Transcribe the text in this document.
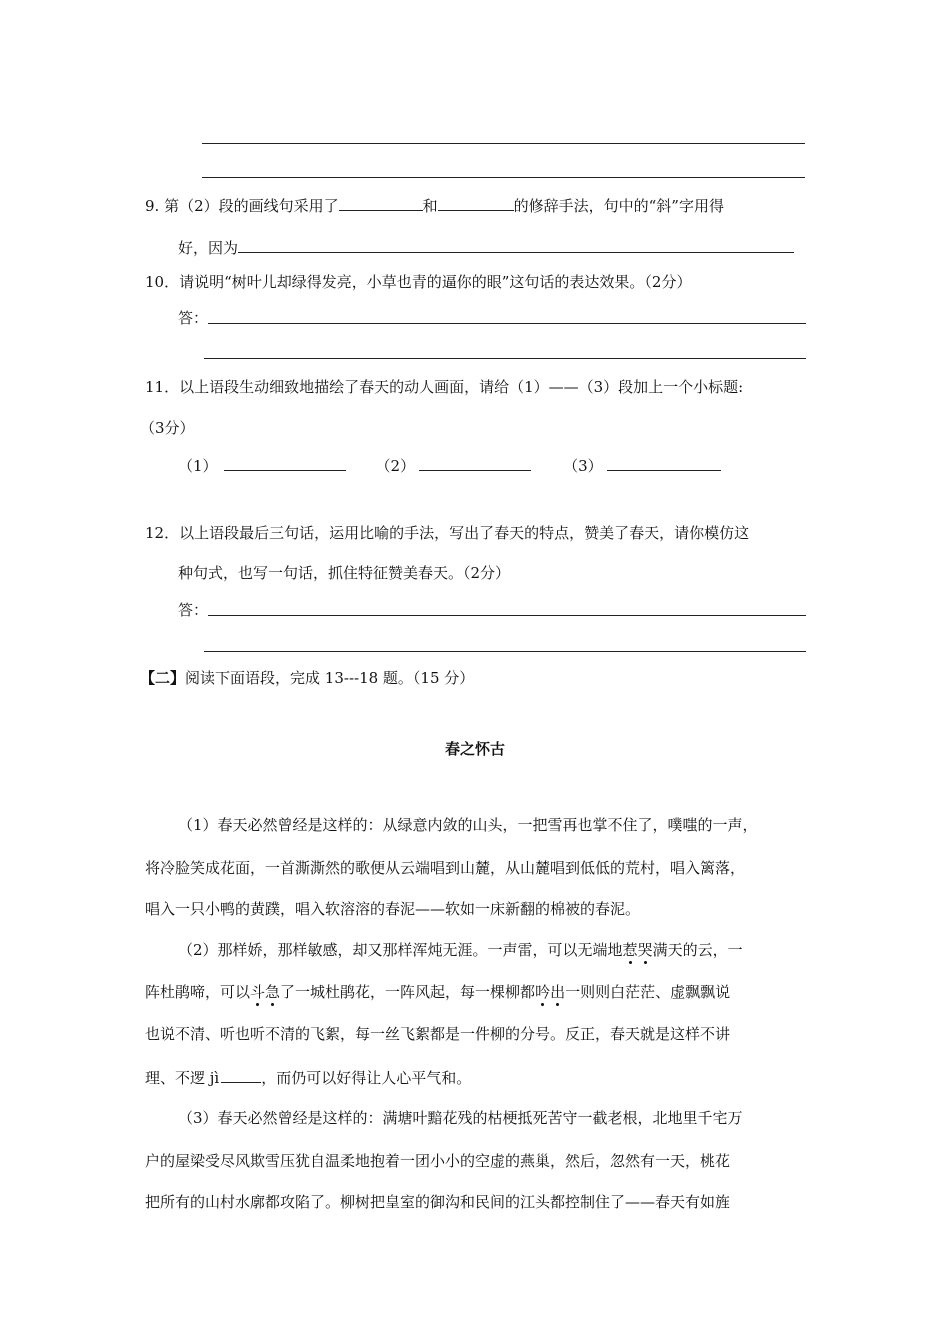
9. 第（2）段的画线句采用了	和	的修辞手法，句中的“斜”字用得
好，因为
10．请说明“树叶儿却绿得发亮，小草也青的逼你的眼”这句话的表达效果。（2分）
答：
11．以上语段生动细致地描绘了春天的动人画面，请给（1）——（3）段加上一个小标题:
（3分）
（1）	（2）	（3）
12．以上语段最后三句话，运用比喻的手法，写出了春天的特点，赞美了春天，请你模仿这
种句式，也写一句话，抓住特征赞美春天。（2分）
答：
【二】阅读下面语段，完成 13---18 题。（15 分）
春之怀古
（1）春天必然曾经是这样的：从绿意内敛的山头，一把雪再也掌不住了，噗嗤的一声，
将冷脸笑成花面，一首澌澌然的歌便从云端唱到山麓，从山麓唱到低低的荒村，唱入篱落，
唱入一只小鸭的黄蹼，唱入软溶溶的春泥——软如一床新翻的棉被的春泥。
（2）那样娇，那样敏感，却又那样浑炖无涯。一声雷，可以无端地惹哭满天的云，一
阵杜鹃啼，可以斗急了一城杜鹃花，一阵风起，每一棵柳都吟出一则则白茫茫、虚飘飘说
也说不清、听也听不清的飞絮，每一丝飞絮都是一件柳的分号。反正，春天就是这样不讲
理、不逻 jì	，而仍可以好得让人心平气和。
（3）春天必然曾经是这样的：满塘叶黯花残的枯梗抵死苦守一截老根，北地里千宅万
户的屋梁受尽风欺雪压犹自温柔地抱着一团小小的空虚的燕巢，然后，忽然有一天，桃花
把所有的山村水廓都攻陷了。柳树把皇室的御沟和民间的江头都控制住了——春天有如旌
